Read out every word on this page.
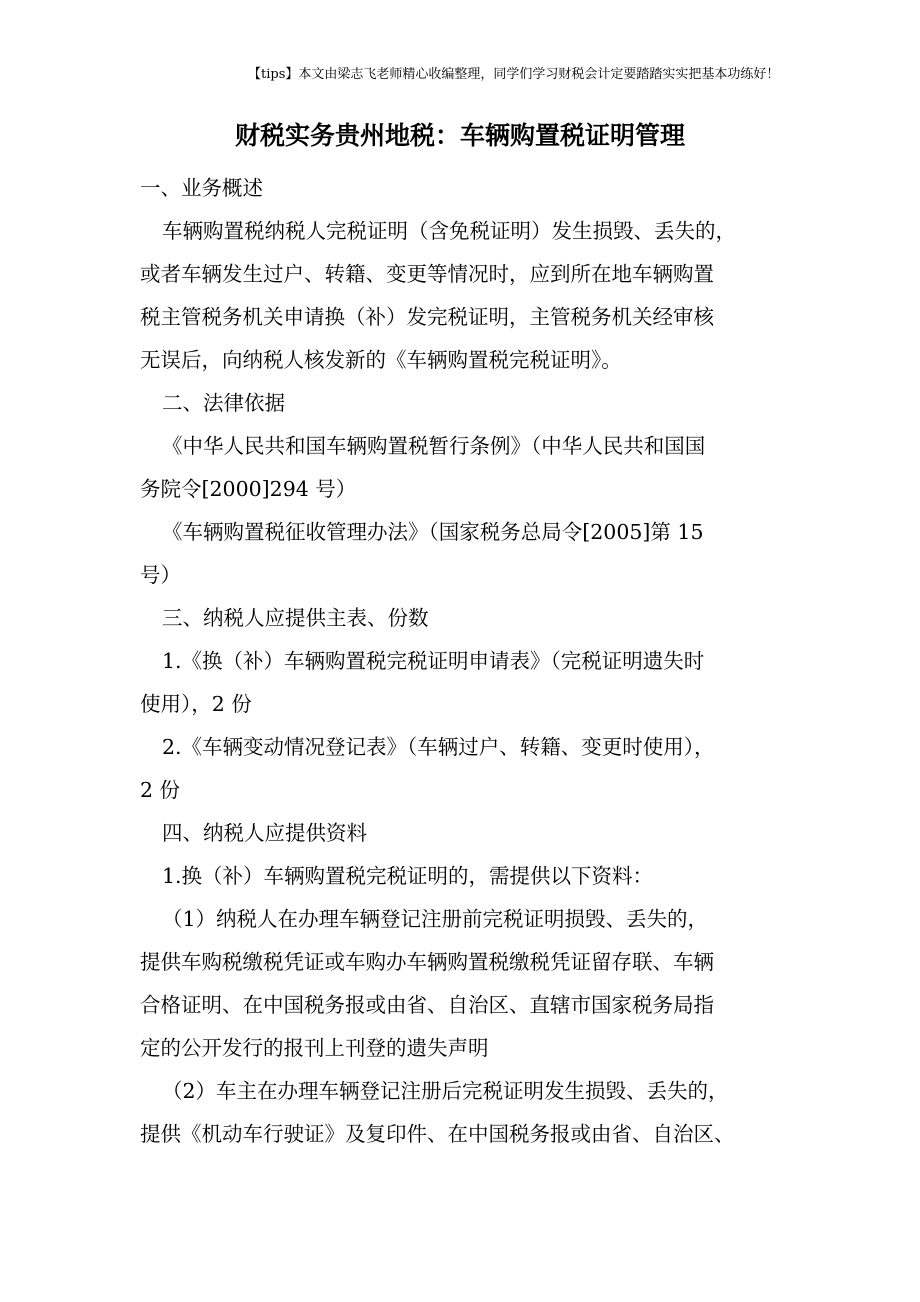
【tips】本文由梁志飞老师精心收编整理，同学们学习财税会计定要踏踏实实把基本功练好！
财税实务贵州地税：车辆购置税证明管理
一、业务概述
车辆购置税纳税人完税证明（含免税证明）发生损毁、丢失的，
或者车辆发生过户、转籍、变更等情况时，应到所在地车辆购置
税主管税务机关申请换（补）发完税证明，主管税务机关经审核
无误后，向纳税人核发新的《车辆购置税完税证明》。
二、法律依据
《中华人民共和国车辆购置税暂行条例》（中华人民共和国国
务院令[2000]294 号）
《车辆购置税征收管理办法》（国家税务总局令[2005]第 15
号）
三、纳税人应提供主表、份数
1.《换（补）车辆购置税完税证明申请表》（完税证明遗失时
使用），2 份
2.《车辆变动情况登记表》（车辆过户、转籍、变更时使用），
2 份
四、纳税人应提供资料
1.换（补）车辆购置税完税证明的，需提供以下资料：
（1）纳税人在办理车辆登记注册前完税证明损毁、丢失的，
提供车购税缴税凭证或车购办车辆购置税缴税凭证留存联、车辆
合格证明、在中国税务报或由省、自治区、直辖市国家税务局指
定的公开发行的报刊上刊登的遗失声明
（2）车主在办理车辆登记注册后完税证明发生损毁、丢失的，
提供《机动车行驶证》及复印件、在中国税务报或由省、自治区、
